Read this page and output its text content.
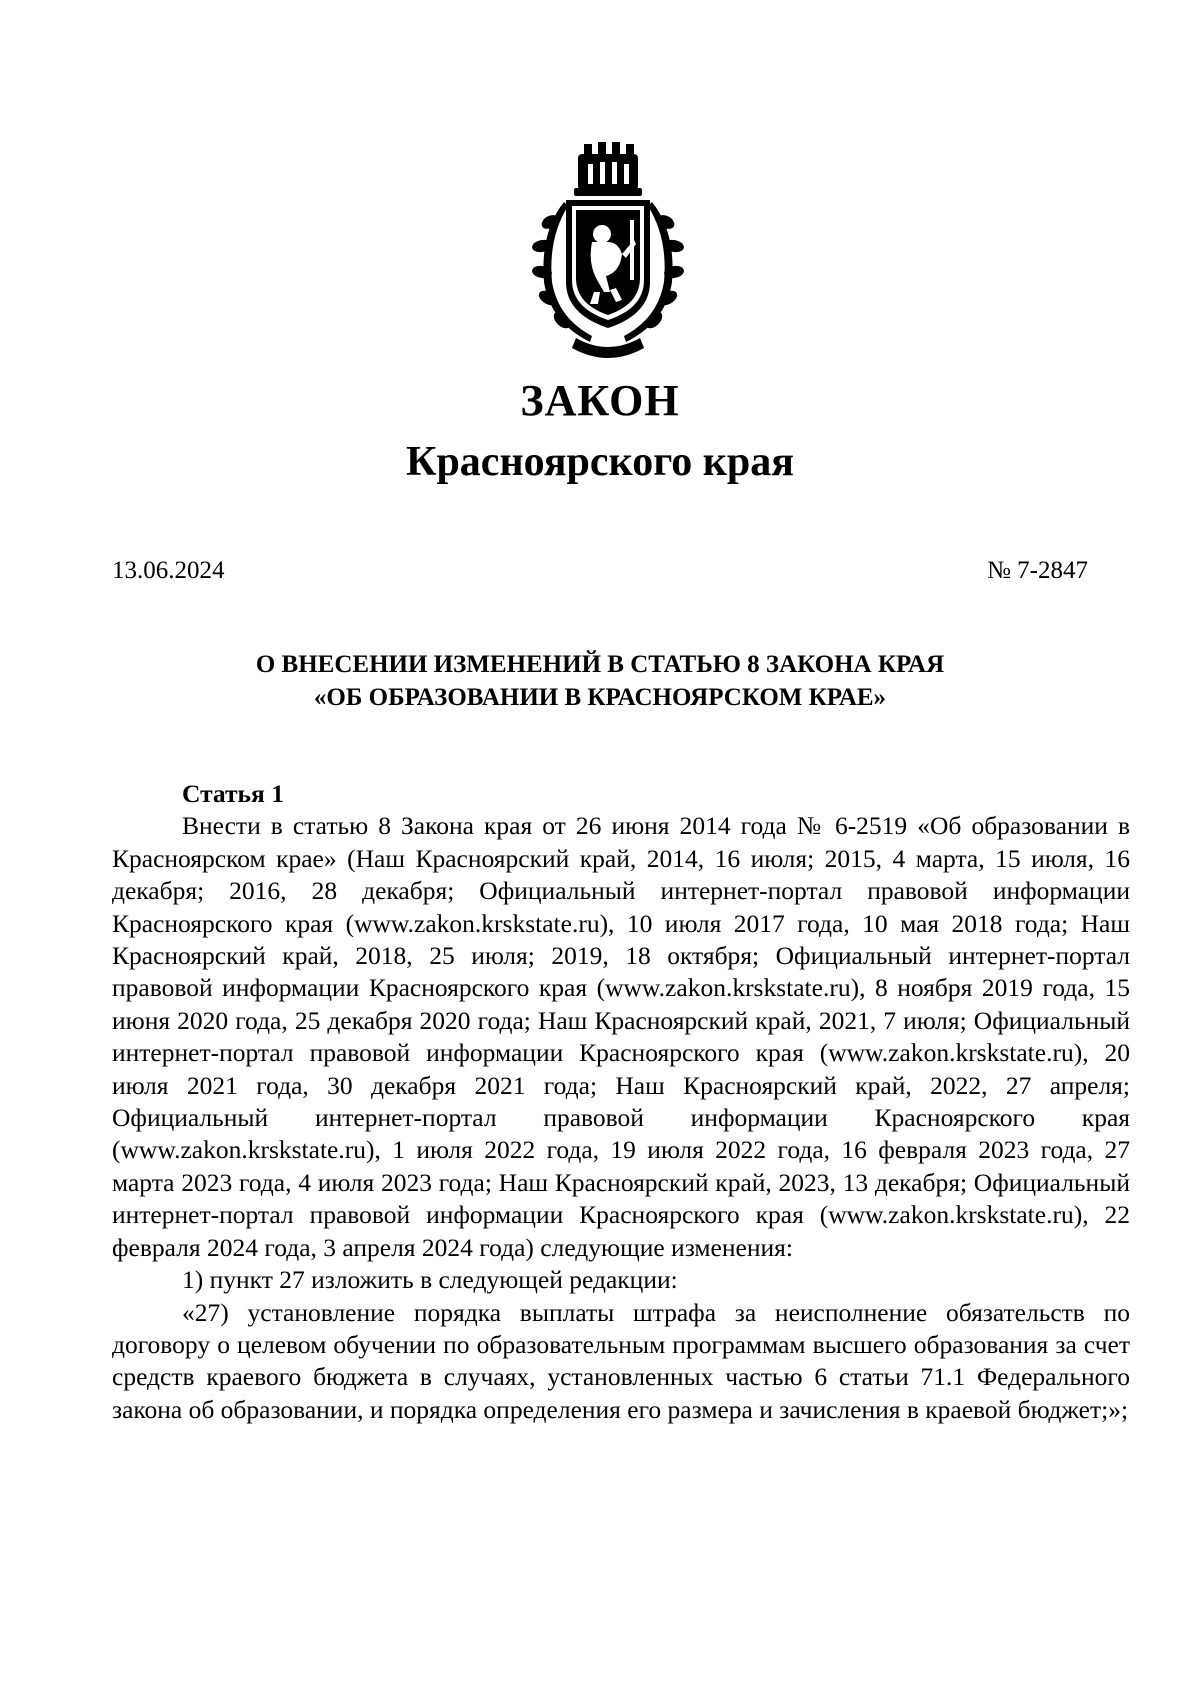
ЗАКОН
Красноярского края
13.06.2024	№ 7-2847
О ВНЕСЕНИИ ИЗМЕНЕНИЙ В СТАТЬЮ 8 ЗАКОНА КРАЯ
«ОБ ОБРАЗОВАНИИ В КРАСНОЯРСКОМ КРАЕ»
Статья 1

Внести в статью 8 Закона края от 26 июня 2014 года № 6-2519 «Об образовании в Красноярском крае» (Наш Красноярский край, 2014, 16 июля; 2015, 4 марта, 15 июля, 16 декабря; 2016, 28 декабря; Официальный интернет-портал правовой информации Красноярского края (www.zakon.krskstate.ru), 10 июля 2017 года, 10 мая 2018 года; Наш Красноярский край, 2018, 25 июля; 2019, 18 октября; Официальный интернет-портал правовой информации Красноярского края (www.zakon.krskstate.ru), 8 ноября 2019 года, 15 июня 2020 года, 25 декабря 2020 года; Наш Красноярский край, 2021, 7 июля; Официальный интернет-портал правовой информации Красноярского края (www.zakon.krskstate.ru), 20 июля 2021 года, 30 декабря 2021 года; Наш Красноярский край, 2022, 27 апреля; Официальный интернет-портал правовой информации Красноярского края (www.zakon.krskstate.ru), 1 июля 2022 года, 19 июля 2022 года, 16 февраля 2023 года, 27 марта 2023 года, 4 июля 2023 года; Наш Красноярский край, 2023, 13 декабря; Официальный интернет-портал правовой информации Красноярского края (www.zakon.krskstate.ru), 22 февраля 2024 года, 3 апреля 2024 года) следующие изменения:

1) пункт 27 изложить в следующей редакции:

«27) установление порядка выплаты штрафа за неисполнение обязательств по договору о целевом обучении по образовательным программам высшего образования за счет средств краевого бюджета в случаях, установленных частью 6 статьи 71.1 Федерального закона об образовании, и порядка определения его размера и зачисления в краевой бюджет;»;
